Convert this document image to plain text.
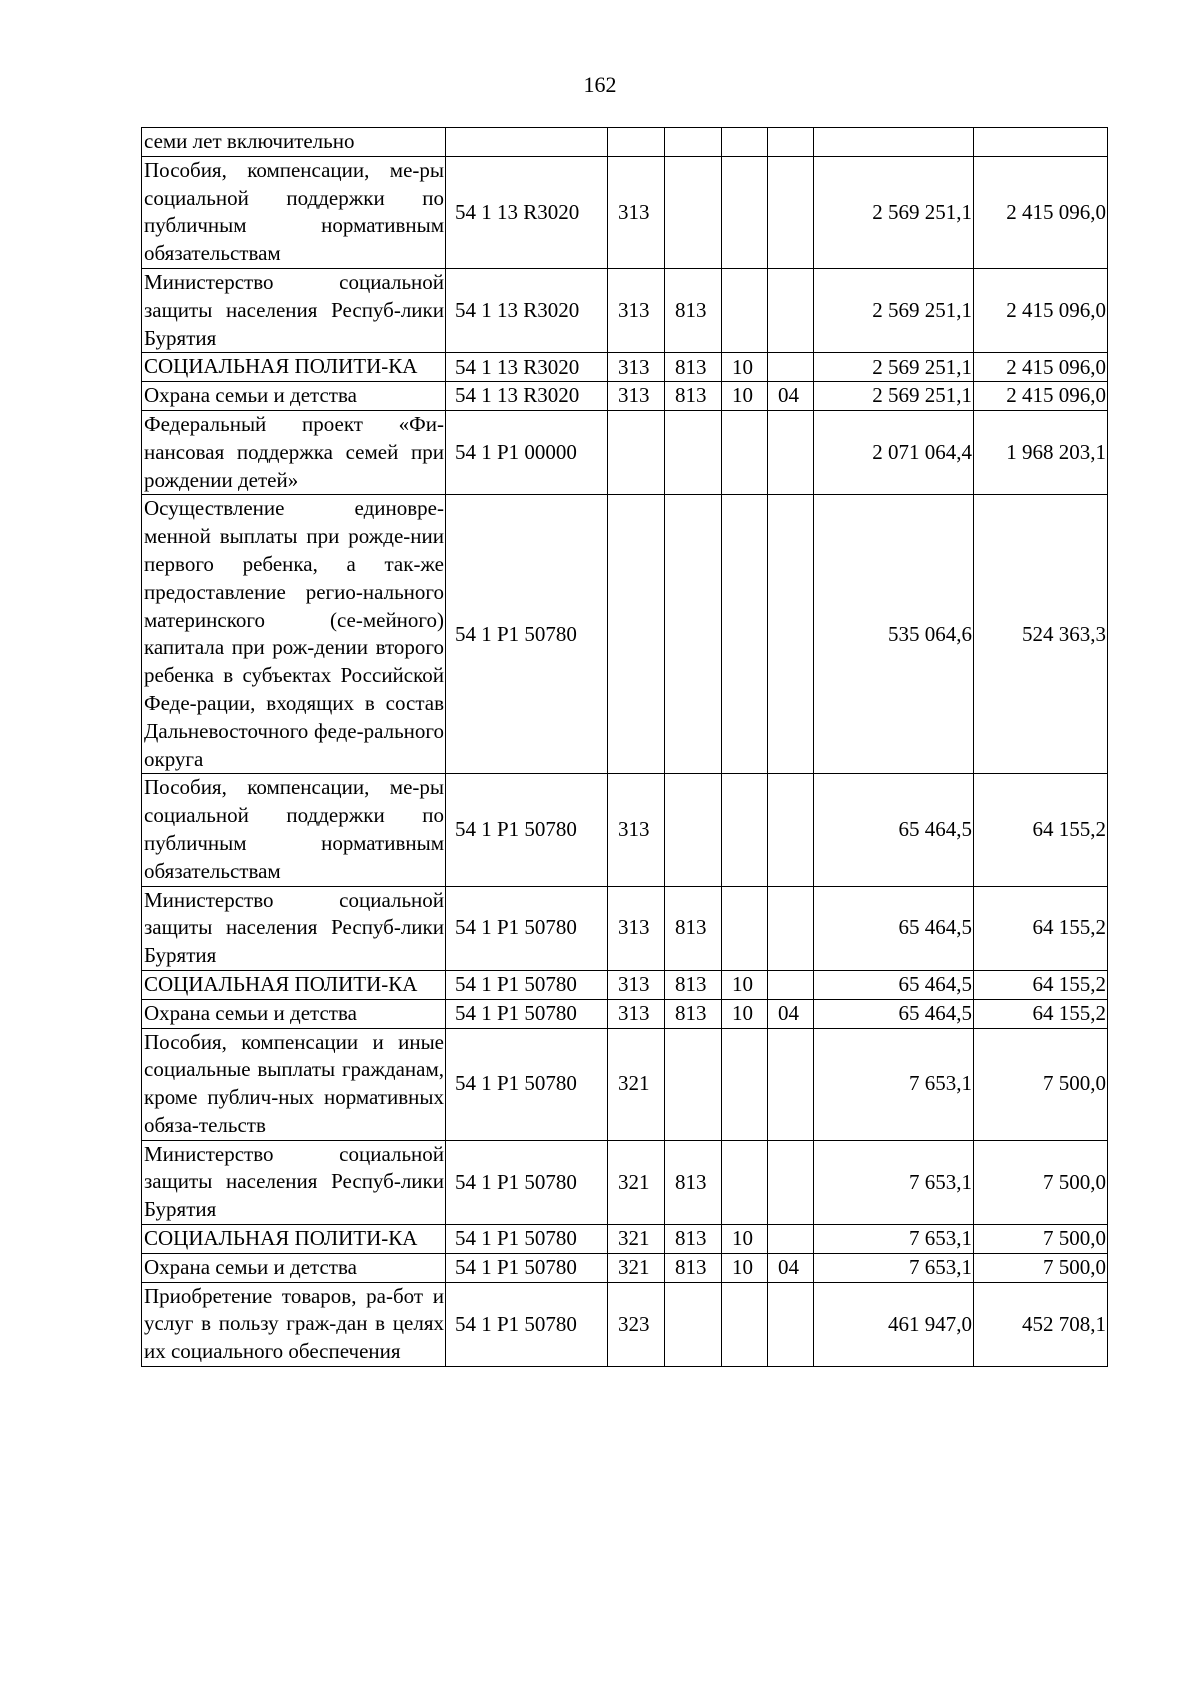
162
семи лет включительно							
Пособия, компенсации, ме-ры социальной поддержки по публичным нормативным обязательствам	54 1 13 R3020	313				2 569 251,1	2 415 096,0
Министерство социальной защиты населения Респуб-лики Бурятия	54 1 13 R3020	313	813			2 569 251,1	2 415 096,0
СОЦИАЛЬНАЯ ПОЛИТИ-КА	54 1 13 R3020	313	813	10		2 569 251,1	2 415 096,0
Охрана семьи и детства	54 1 13 R3020	313	813	10	04	2 569 251,1	2 415 096,0
Федеральный проект «Фи-нансовая поддержка семей при рождении детей»	54 1 P1 00000					2 071 064,4	1 968 203,1
Осуществление единовре-менной выплаты при рожде-нии первого ребенка, а так-же предоставление регио-нального материнского (се-мейного) капитала при рож-дении второго ребенка в субъектах Российской Феде-рации, входящих в состав Дальневосточного феде-рального округа	54 1 P1 50780					535 064,6	524 363,3
Пособия, компенсации, ме-ры социальной поддержки по публичным нормативным обязательствам	54 1 P1 50780	313				65 464,5	64 155,2
Министерство социальной защиты населения Респуб-лики Бурятия	54 1 P1 50780	313	813			65 464,5	64 155,2
СОЦИАЛЬНАЯ ПОЛИТИ-КА	54 1 P1 50780	313	813	10		65 464,5	64 155,2
Охрана семьи и детства	54 1 P1 50780	313	813	10	04	65 464,5	64 155,2
Пособия, компенсации и иные социальные выплаты гражданам, кроме публич-ных нормативных обяза-тельств	54 1 P1 50780	321				7 653,1	7 500,0
Министерство социальной защиты населения Респуб-лики Бурятия	54 1 P1 50780	321	813			7 653,1	7 500,0
СОЦИАЛЬНАЯ ПОЛИТИ-КА	54 1 P1 50780	321	813	10		7 653,1	7 500,0
Охрана семьи и детства	54 1 P1 50780	321	813	10	04	7 653,1	7 500,0
Приобретение товаров, ра-бот и услуг в пользу граж-дан в целях их социального обеспечения	54 1 P1 50780	323				461 947,0	452 708,1
